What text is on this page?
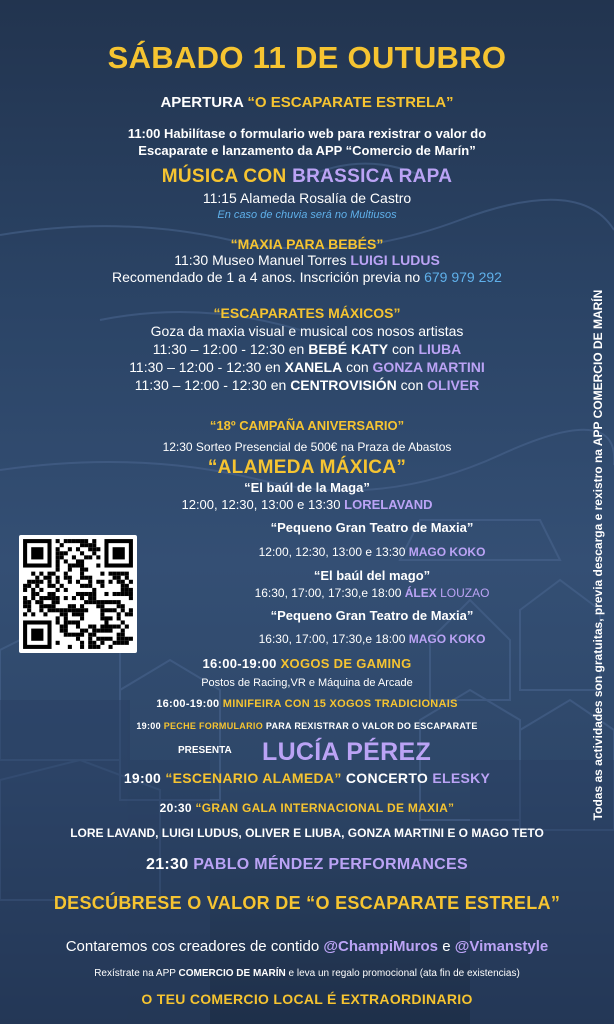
SÁBADO 11 DE OUTUBRO
APERTURA “O ESCAPARATE ESTRELA”
11:00 Habilítase o formulario web para rexistrar o valor do
Escaparate e lanzamento da APP “Comercio de Marín”
MÚSICA CON BRASSICA RAPA
11:15 Alameda Rosalía de Castro
En caso de chuvia será no Multiusos
“MAXIA PARA BEBÉS”
11:30 Museo Manuel Torres LUIGI LUDUS
Recomendado de 1 a 4 anos. Inscrición previa no 679 979 292
“ESCAPARATES MÁXICOS”
Goza da maxia visual e musical cos nosos artistas
11:30 – 12:00 - 12:30 en BEBÉ KATY con LIUBA
11:30 – 12:00 - 12:30 en XANELA con GONZA MARTINI
11:30 – 12:00 - 12:30 en CENTROVISIÓN con OLIVER
“18º CAMPAÑA ANIVERSARIO”
12:30 Sorteo Presencial de 500€ na Praza de Abastos
“ALAMEDA MÁXICA”
“El baúl de la Maga”
12:00, 12:30, 13:00 e 13:30 LORELAVAND
“Pequeno Gran Teatro de Maxia”
12:00, 12:30, 13:00 e 13:30 MAGO KOKO
“El baúl del mago”
16:30, 17:00, 17:30,e 18:00 ÁLEX LOUZAO
“Pequeno Gran Teatro de Maxia”
16:30, 17:00, 17:30,e 18:00 MAGO KOKO
16:00-19:00 XOGOS DE GAMING
Postos de Racing,VR e Máquina de Arcade
16:00-19:00 MINIFEIRA CON 15 XOGOS TRADICIONAIS
19:00 PECHE FORMULARIO PARA REXISTRAR O VALOR DO ESCAPARATE
PRESENTA	LUCÍA PÉREZ
19:00 “ESCENARIO ALAMEDA” CONCERTO ELESKY
20:30 “GRAN GALA INTERNACIONAL DE MAXIA”
LORE LAVAND, LUIGI LUDUS, OLIVER E LIUBA, GONZA MARTINI E O MAGO TETO
21:30 PABLO MÉNDEZ PERFORMANCES
DESCÚBRESE O VALOR DE “O ESCAPARATE ESTRELA”
Contaremos cos creadores de contido @ChampiMuros e @Vimanstyle
Rexístrate na APP COMERCIO DE MARÍN e leva un regalo promocional (ata fin de existencias)
O TEU COMERCIO LOCAL É EXTRAORDINARIO
Todas as actividades son gratuitas, previa descarga e rexistro na APP COMERCIO DE MARÍN
